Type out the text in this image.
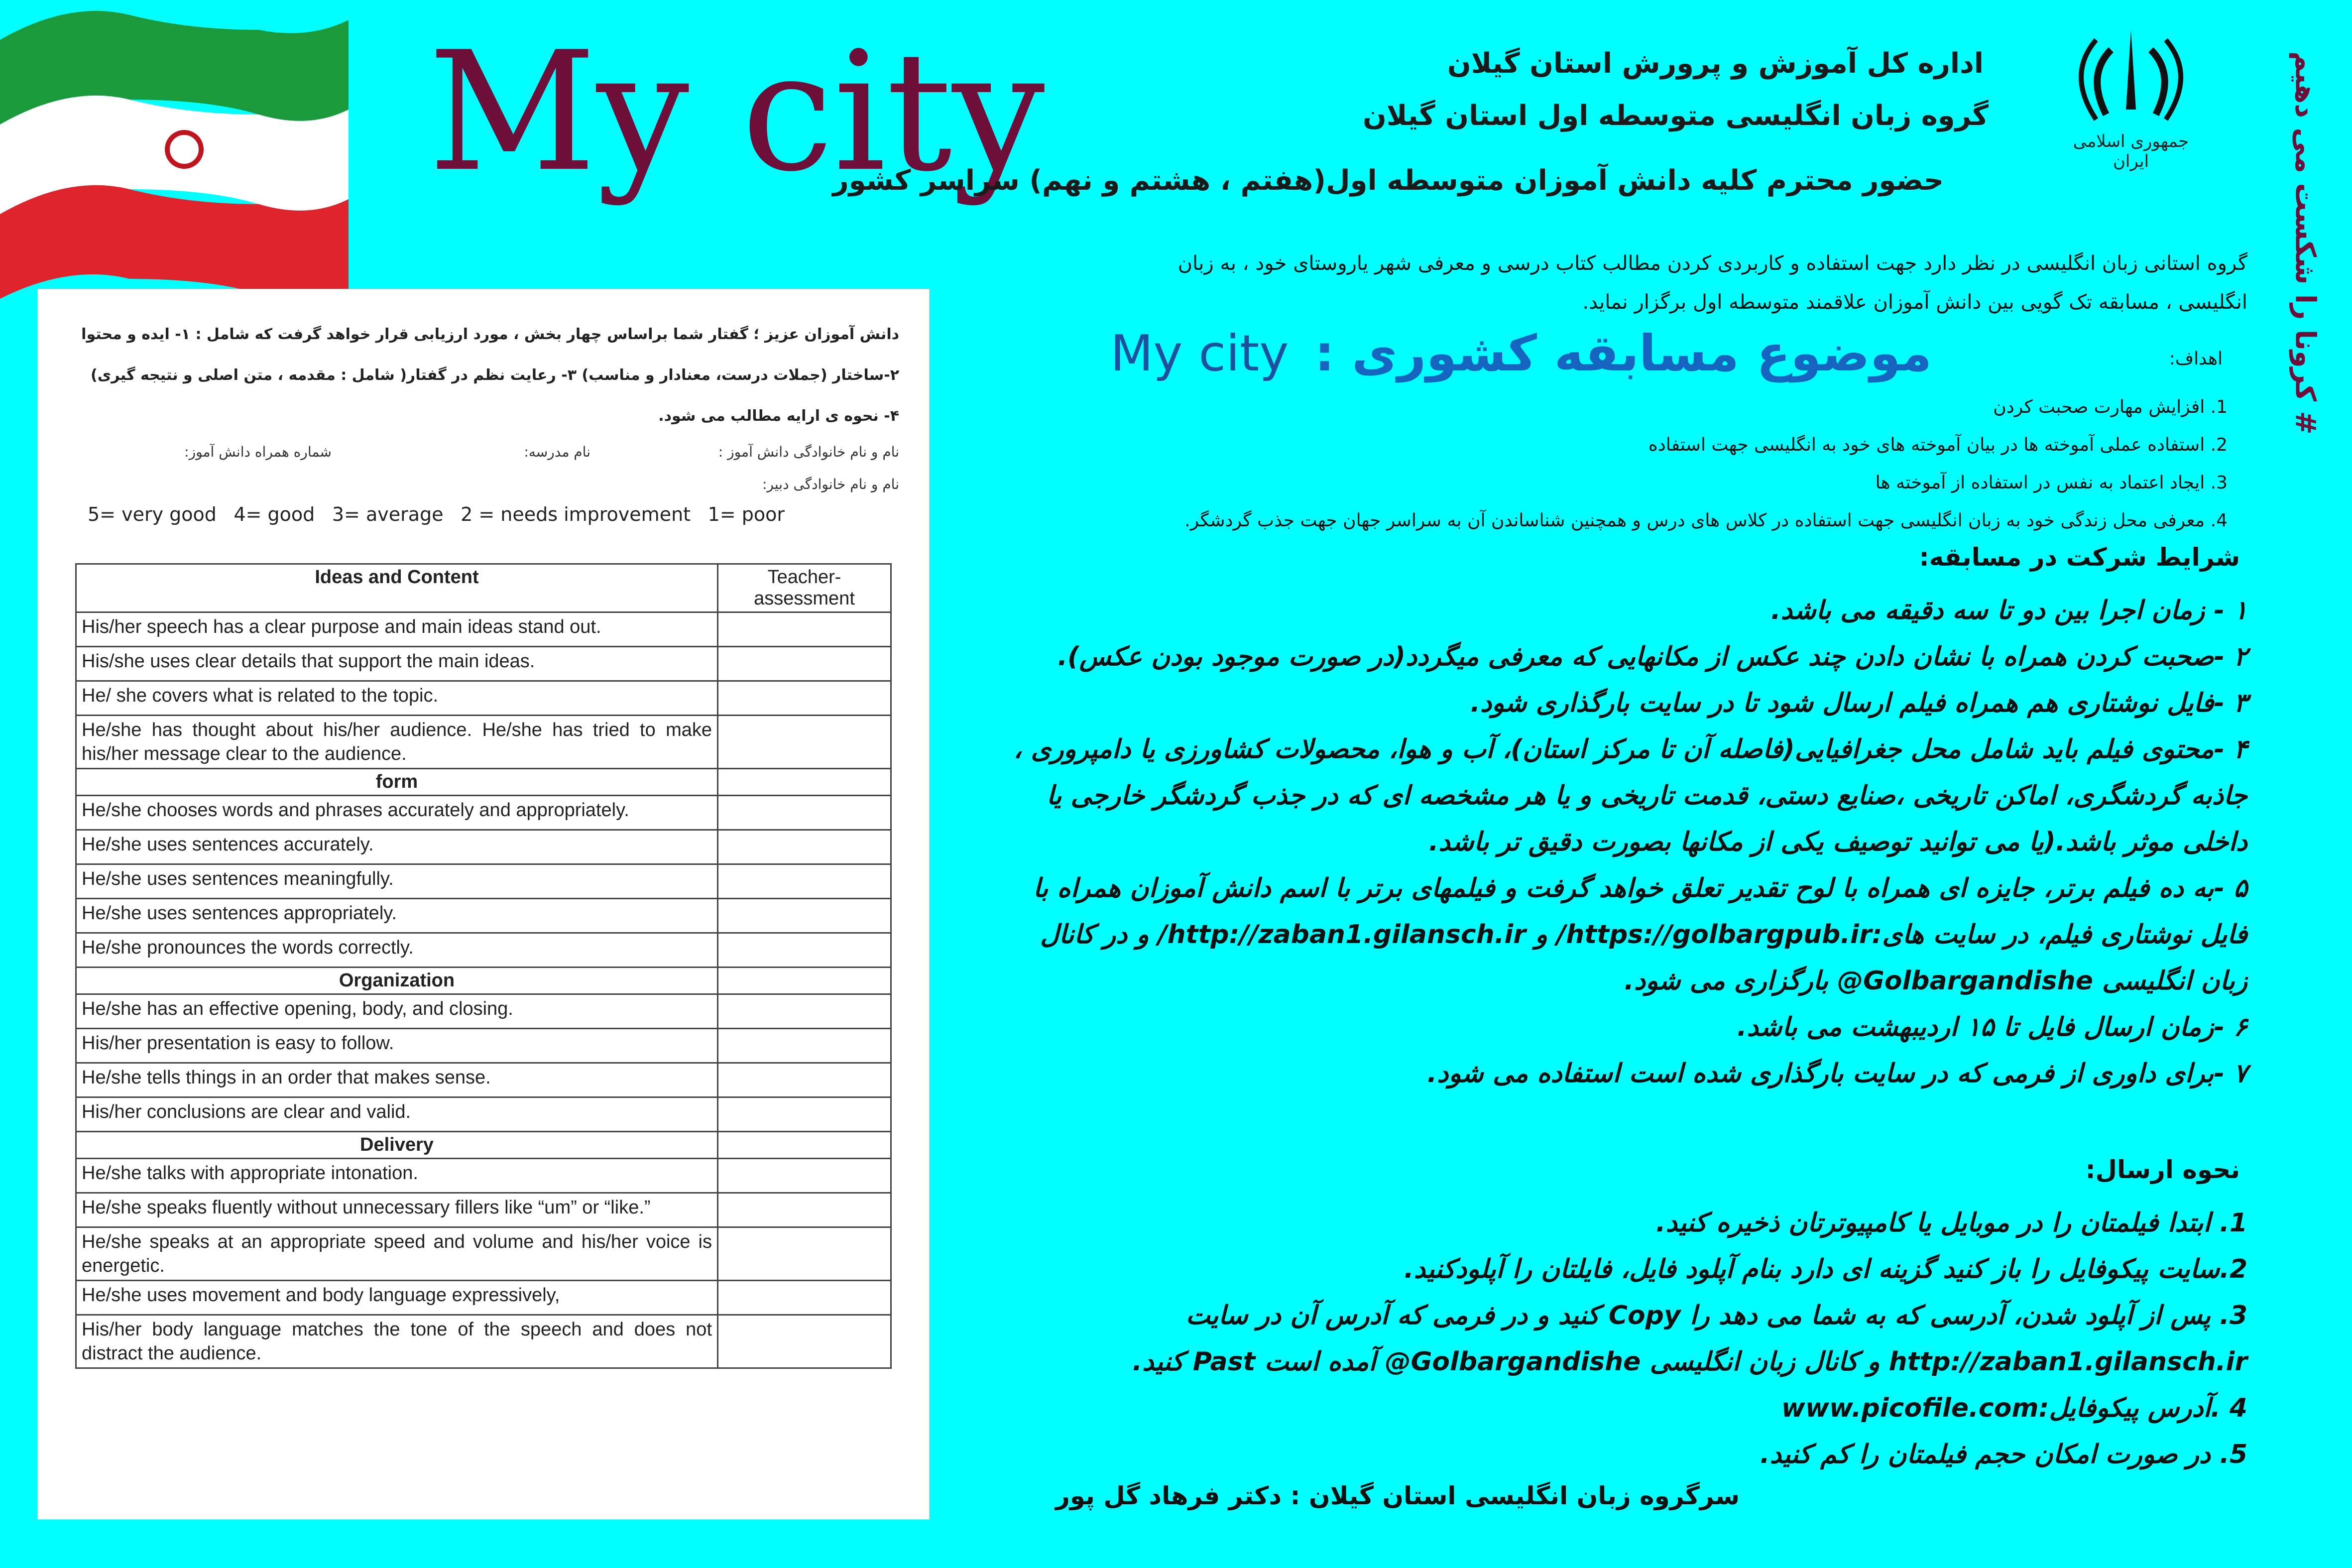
My city	جمهوری اسلامی ایران	# کرونا را شکست می دهیم
اداره کل آموزش و پرورش استان گیلان
گروه زبان انگلیسی متوسطه اول استان گیلان
حضور محترم کلیه دانش آموزان متوسطه اول(هفتم ، هشتم و نهم) سراسر کشور
گروه استانی زبان انگلیسی در نظر دارد جهت استفاده و کاربردی کردن مطالب کتاب درسی و معرفی شهر یاروستای خود ، به زبان انگلیسی ، مسابقه تک گویی بین دانش آموزان علاقمند متوسطه اول برگزار نماید.
اهداف:
My city موضوع مسابقه کشوری :
1. افزایش مهارت صحبت کردن
2. استفاده عملی آموخته ها در بیان آموخته های خود به انگلیسی جهت استفاده
3. ایجاد اعتماد به نفس در استفاده از آموخته ها
4. معرفی محل زندگی خود به زبان انگلیسی جهت استفاده در کلاس های درس و همچنین شناساندن آن به سراسر جهان جهت جذب گردشگر.
شرایط شرکت در مسابقه:
۱ - زمان اجرا بین دو تا سه دقیقه می باشد.
۲ -صحبت کردن همراه با نشان دادن چند عکس از مکانهایی که معرفی میگردد(در صورت موجود بودن عکس).
۳ -فایل نوشتاری هم همراه فیلم ارسال شود تا در سایت بارگذاری شود.
۴ -محتوی فیلم باید شامل محل جغرافیایی(فاصله آن تا مرکز استان)، آب و هوا، محصولات کشاورزی یا دامپروری ، جاذبه گردشگری، اماکن تاریخی ،صنایع دستی، قدمت تاریخی و یا هر مشخصه ای که در جذب گردشگر خارجی یا داخلی موثر باشد.(یا می توانید توصیف یکی از مکانها بصورت دقیق تر باشد.
۵ -به ده فیلم برتر، جایزه ای همراه با لوح تقدیر تعلق خواهد گرفت و فیلمهای برتر با اسم دانش آموزان همراه با فایل نوشتاری فیلم، در سایت های:https://golbargpub.ir/ و http://zaban1.gilansch.ir/ و در کانال زبان انگلیسی Golbargandishe@ بارگزاری می شود.
۶ -زمان ارسال فایل تا ۱۵ اردیبهشت می باشد.
۷ -برای داوری از فرمی که در سایت بارگذاری شده است استفاده می شود.
نحوه ارسال:
1. ابتدا فیلمتان را در موبایل یا کامپیوترتان ذخیره کنید.
2.سایت پیکوفایل را باز کنید گزینه ای دارد بنام آپلود فایل، فایلتان را آپلودکنید.
3. پس از آپلود شدن، آدرسی که به شما می دهد را Copy کنید و در فرمی که آدرس آن در سایت http://zaban1.gilansch.ir و کانال زبان انگلیسی Golbargandishe@ آمده است Past کنید.
4 .آدرس پیکوفایل:www.picofile.com
5. در صورت امکان حجم فیلمتان را کم کنید.
سرگروه زبان انگلیسی استان گیلان : دکتر فرهاد گل پور
دانش آموزان عزیز ؛ گفتار شما براساس چهار بخش ، مورد ارزیابی قرار خواهد گرفت که شامل : ۱- ایده و محتوا
۲-ساختار (جملات درست، معنادار و مناسب) ۳- رعایت نظم در گفتار( شامل : مقدمه ، متن اصلی و نتیجه گیری)
۴- نحوه ی ارایه مطالب می شود.
نام و نام خانوادگی دانش آموز :
نام مدرسه:
شماره همراه دانش آموز:
نام و نام خانوادگی دبیر:
5= very good 4= good 3= average 2 = needs improvement 1= poor
Ideas and Content	Teacher-assessment
His/her speech has a clear purpose and main ideas stand out.	
His/she uses clear details that support the main ideas.	
He/ she covers what is related to the topic.	
He/she has thought about his/her audience. He/she has tried to make his/her message clear to the audience.	
form	
He/she chooses words and phrases accurately and appropriately.	
He/she uses sentences accurately.	
He/she uses sentences meaningfully.	
He/she uses sentences appropriately.	
He/she pronounces the words correctly.	
Organization	
He/she has an effective opening, body, and closing.	
His/her presentation is easy to follow.	
He/she tells things in an order that makes sense.	
His/her conclusions are clear and valid.	
Delivery	
He/she talks with appropriate intonation.	
He/she speaks fluently without unnecessary fillers like “um” or “like.”	
He/she speaks at an appropriate speed and volume and his/her voice is energetic.	
He/she uses movement and body language expressively,	
His/her body language matches the tone of the speech and does not distract the audience.	
